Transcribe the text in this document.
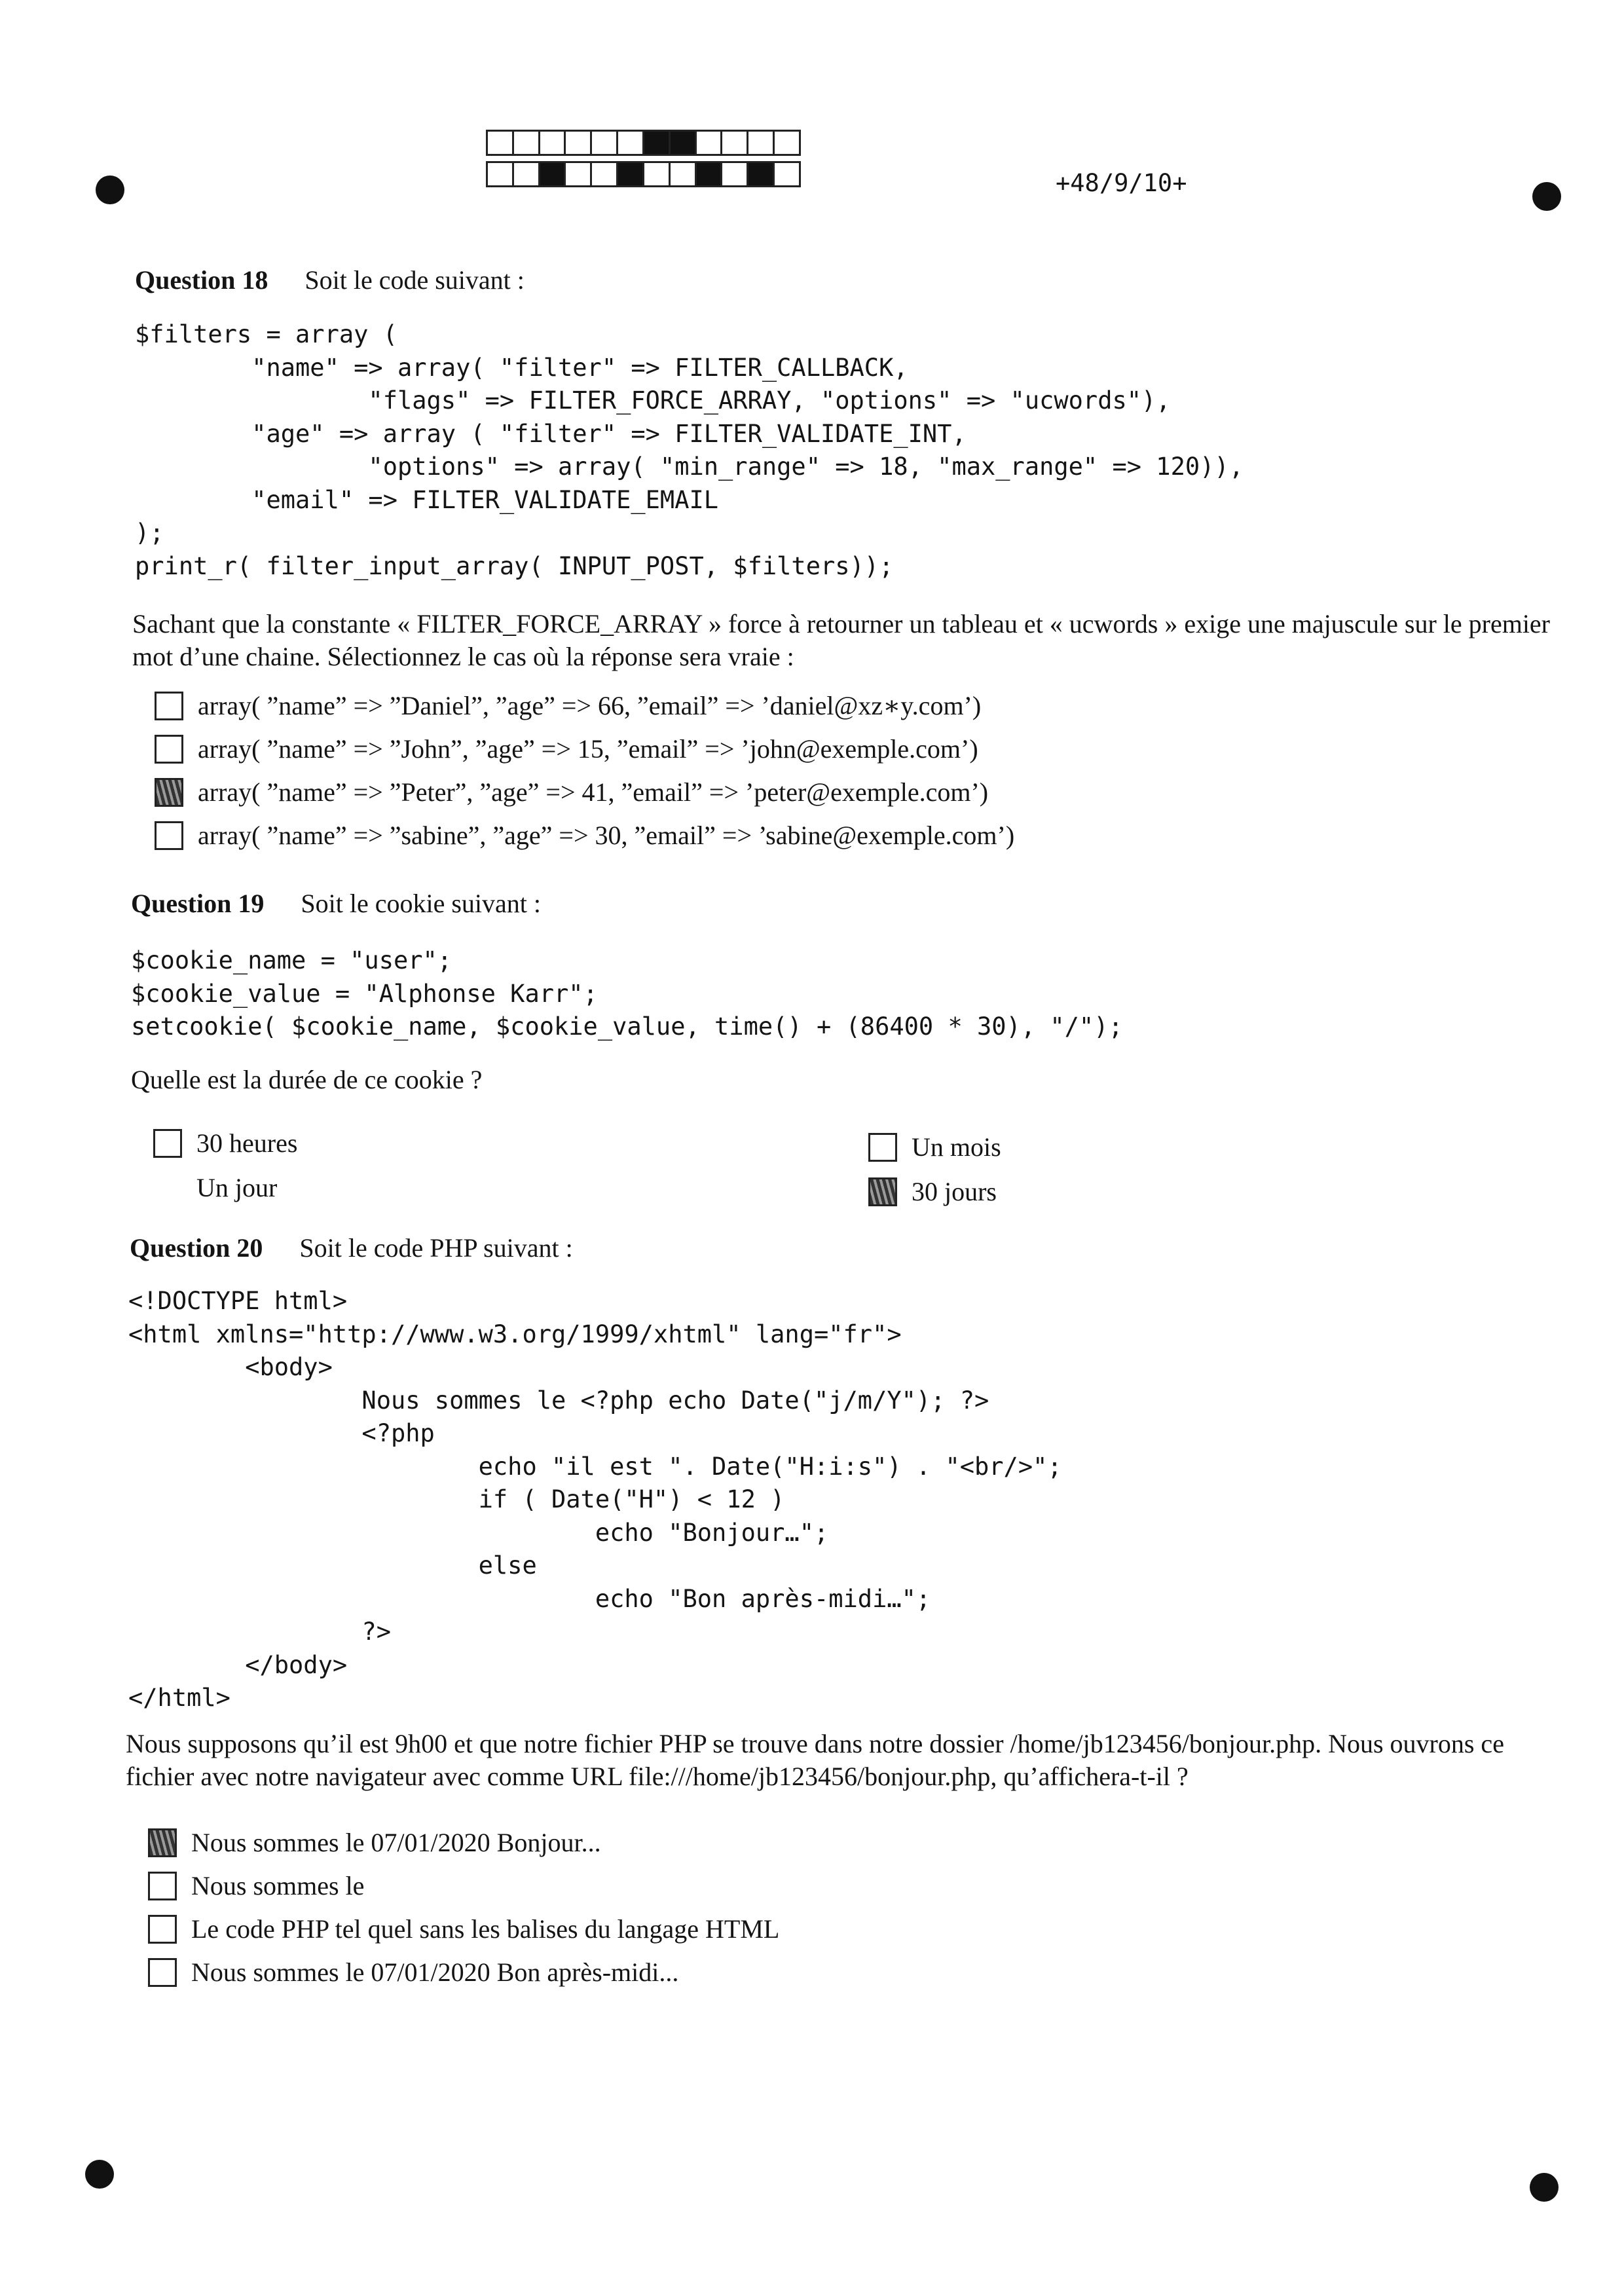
+48/9/10+
Question 18 Soit le code suivant :
$filters = array (
"name" => array( "filter" => FILTER_CALLBACK,
"flags" => FILTER_FORCE_ARRAY, "options" => "ucwords"),
"age" => array ( "filter" => FILTER_VALIDATE_INT,
"options" => array( "min_range" => 18, "max_range" => 120)),
"email" => FILTER_VALIDATE_EMAIL
);
print_r( filter_input_array( INPUT_POST, $filters));
Sachant que la constante « FILTER_FORCE_ARRAY » force à retourner un tableau et « ucwords » exige une majuscule sur le premier mot d’une chaine. Sélectionnez le cas où la réponse sera vraie :
array( ”name” => ”Daniel”, ”age” => 66, ”email” => ’daniel@xz∗y.com’)
array( ”name” => ”John”, ”age” => 15, ”email” => ’john@exemple.com’)
array( ”name” => ”Peter”, ”age” => 41, ”email” => ’peter@exemple.com’)
array( ”name” => ”sabine”, ”age” => 30, ”email” => ’sabine@exemple.com’)
Question 19 Soit le cookie suivant :
$cookie_name = "user";
$cookie_value = "Alphonse Karr";
setcookie( $cookie_name, $cookie_value, time() + (86400 * 30), "/");
Quelle est la durée de ce cookie ?
30 heures
Un jour
Un mois
30 jours
Question 20 Soit le code PHP suivant :
<!DOCTYPE html>
<html xmlns="http://www.w3.org/1999/xhtml" lang="fr">
<body>
Nous sommes le <?php echo Date("j/m/Y"); ?>
<?php
echo "il est ". Date("H:i:s") . "<br/>";
if ( Date("H") < 12 )
echo "Bonjour…";
else
echo "Bon après-midi…";
?>
</body>
</html>
Nous supposons qu’il est 9h00 et que notre fichier PHP se trouve dans notre dossier /home/jb123456/bonjour.php. Nous ouvrons ce fichier avec notre navigateur avec comme URL file:///home/jb123456/bonjour.php, qu’affichera-t-il ?
Nous sommes le 07/01/2020 Bonjour...
Nous sommes le
Le code PHP tel quel sans les balises du langage HTML
Nous sommes le 07/01/2020 Bon après-midi...
